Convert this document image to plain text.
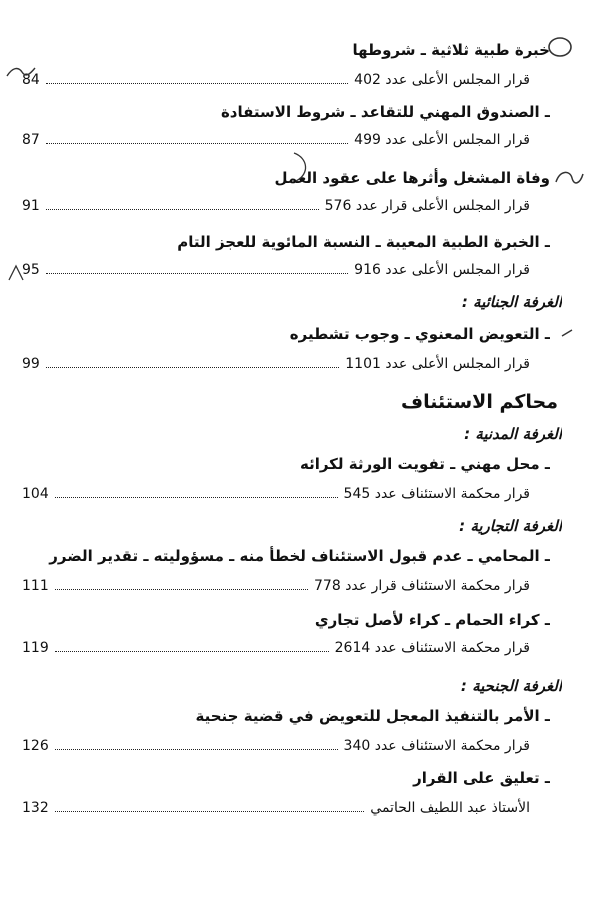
خبرة طبية ثلاثية ـ شروطها
قرار المجلس الأعلى عدد 402
84
ـ الصندوق المهني للتقاعد ـ شروط الاستفادة
قرار المجلس الأعلى عدد 499
87
وفاة المشغل وأثرها على عقود العمل
قرار المجلس الأعلى قرار عدد 576
91
ـ الخبرة الطبية المعيبة ـ النسبة المائوية للعجز التام
قرار المجلس الأعلى عدد 916
95
الغرفة الجنائية :
ـ التعويض المعنوي ـ وجوب تشطيره
قرار المجلس الأعلى عدد 1101
99
محاكم الاستئناف
الغرفة المدنية :
ـ محل مهني ـ تفويت الورثة لكرائه
قرار محكمة الاستئناف عدد 545
104
الغرفة التجارية :
ـ المحامي ـ عدم قبول الاستئناف لخطأ منه ـ مسؤوليته ـ تقدير الضرر
قرار محكمة الاستئناف قرار عدد 778
111
ـ كراء الحمام ـ كراء لأصل تجاري
قرار محكمة الاستئناف عدد 2614
119
الغرفة الجنحية :
ـ الأمر بالتنفيذ المعجل للتعويض في قضية جنحية
قرار محكمة الاستئناف عدد 340
126
ـ تعليق على القرار
الأستاذ عبد اللطيف الحاتمي
132
